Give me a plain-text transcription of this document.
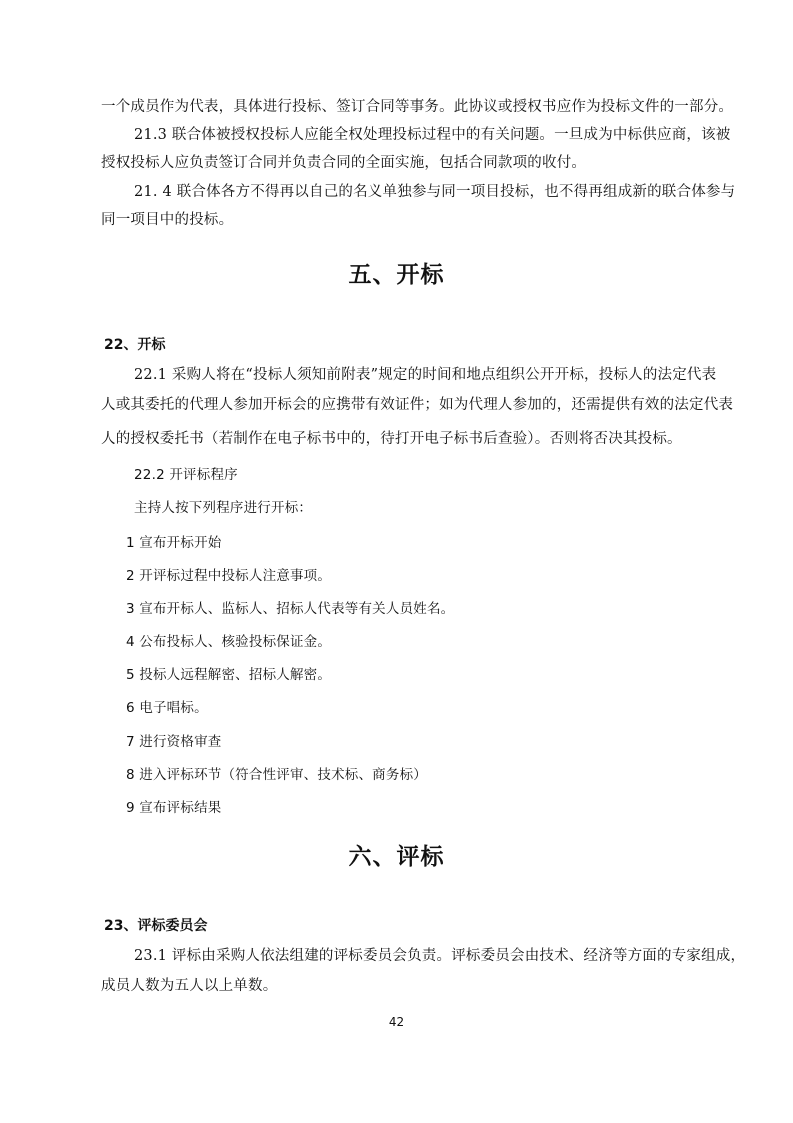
一个成员作为代表，具体进行投标、签订合同等事务。此协议或授权书应作为投标文件的一部分。
21.3 联合体被授权投标人应能全权处理投标过程中的有关问题。一旦成为中标供应商，该被
授权投标人应负责签订合同并负责合同的全面实施，包括合同款项的收付。
21. 4 联合体各方不得再以自己的名义单独参与同一项目投标，也不得再组成新的联合体参与
同一项目中的投标。
五、开标
22、开标
22.1 采购人将在“投标人须知前附表”规定的时间和地点组织公开开标，投标人的法定代表
人或其委托的代理人参加开标会的应携带有效证件；如为代理人参加的，还需提供有效的法定代表
人的授权委托书（若制作在电子标书中的，待打开电子标书后查验）。否则将否决其投标。
22.2 开评标程序
主持人按下列程序进行开标：
1 宣布开标开始
2 开评标过程中投标人注意事项。
3 宣布开标人、监标人、招标人代表等有关人员姓名。
4 公布投标人、核验投标保证金。
5 投标人远程解密、招标人解密。
6 电子唱标。
7 进行资格审查
8 进入评标环节（符合性评审、技术标、商务标）
9 宣布评标结果
六、评标
23、评标委员会
23.1 评标由采购人依法组建的评标委员会负责。评标委员会由技术、经济等方面的专家组成，
成员人数为五人以上单数。
42
